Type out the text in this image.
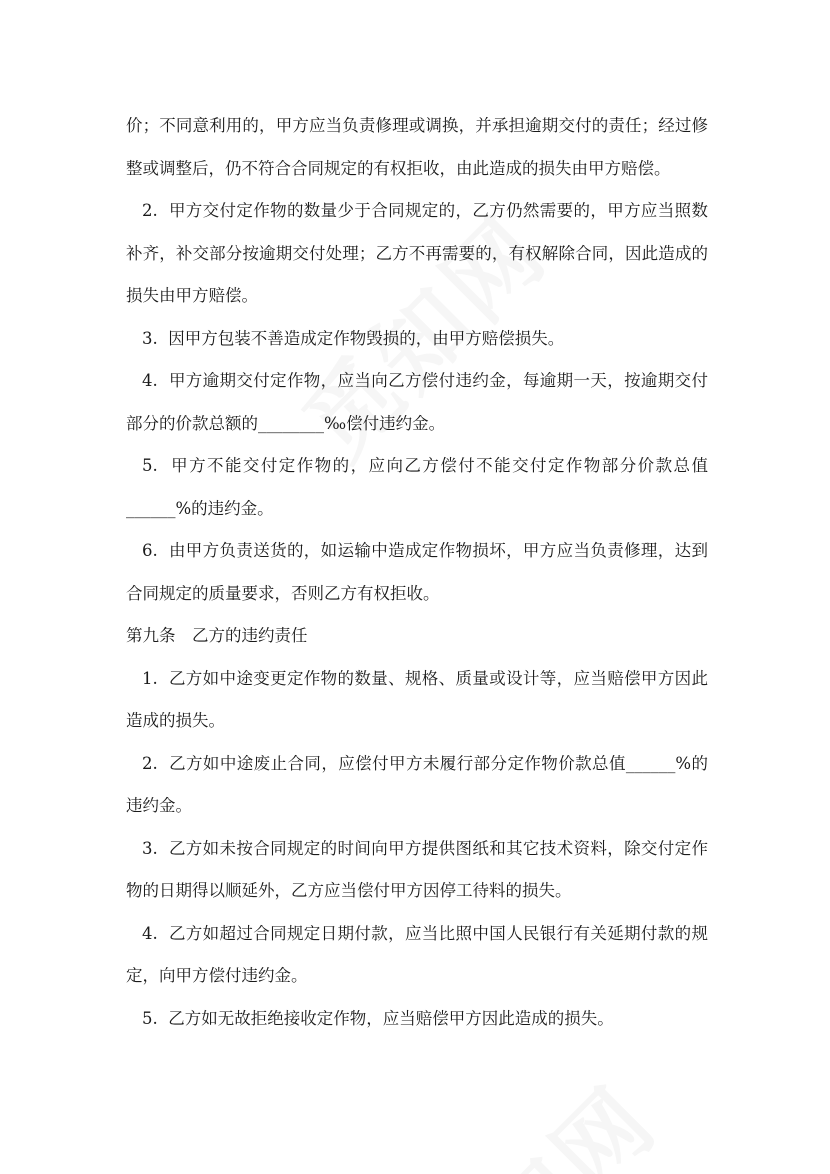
价；不同意利用的，甲方应当负责修理或调换，并承担逾期交付的责任；经过修整或调整后，仍不符合合同规定的有权拒收，由此造成的损失由甲方赔偿。

2. 甲方交付定作物的数量少于合同规定的，乙方仍然需要的，甲方应当照数补齐，补交部分按逾期交付处理；乙方不再需要的，有权解除合同，因此造成的损失由甲方赔偿。

3. 因甲方包装不善造成定作物毁损的，由甲方赔偿损失。

4. 甲方逾期交付定作物，应当向乙方偿付违约金，每逾期一天，按逾期交付部分的价款总额的________‰偿付违约金。

5. 甲方不能交付定作物的，应向乙方偿付不能交付定作物部分价款总值______%的违约金。

6. 由甲方负责送货的，如运输中造成定作物损坏，甲方应当负责修理，达到合同规定的质量要求，否则乙方有权拒收。

第九条　乙方的违约责任

1. 乙方如中途变更定作物的数量、规格、质量或设计等，应当赔偿甲方因此造成的损失。

2. 乙方如中途废止合同，应偿付甲方未履行部分定作物价款总值______%的违约金。

3. 乙方如未按合同规定的时间向甲方提供图纸和其它技术资料，除交付定作物的日期得以顺延外，乙方应当偿付甲方因停工待料的损失。

4. 乙方如超过合同规定日期付款，应当比照中国人民银行有关延期付款的规定，向甲方偿付违约金。

5. 乙方如无故拒绝接收定作物，应当赔偿甲方因此造成的损失。
